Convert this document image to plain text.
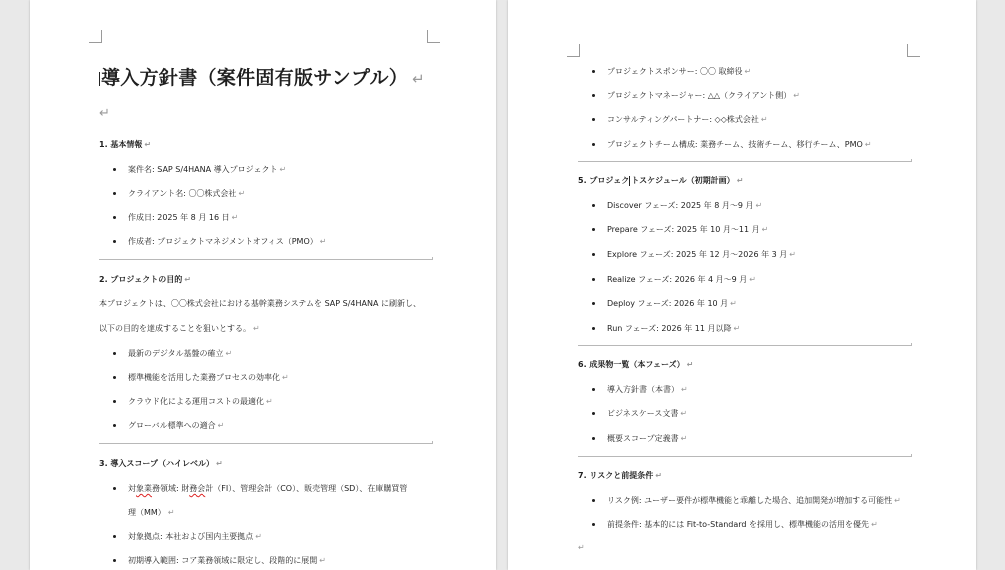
導入方針書（案件固有版サンプル） ↵
↵

1. 基本情報 ↵

案件名: SAP S/4HANA 導入プロジェクト ↵
クライアント名: 〇〇株式会社 ↵
作成日: 2025 年 8 月 16 日 ↵
作成者: プロジェクトマネジメントオフィス（PMO） ↵

2. プロジェクトの目的 ↵

本プロジェクトは、〇〇株式会社における基幹業務システムを SAP S/4HANA に刷新し、

以下の目的を達成することを狙いとする。 ↵

最新のデジタル基盤の確立 ↵
標準機能を活用した業務プロセスの効率化 ↵
クラウド化による運用コストの最適化 ↵
グローバル標準への適合 ↵

3. 導入スコープ（ハイレベル） ↵

対象業務領域: 財務会計（FI）、管理会計（CO）、販売管理（SD）、在庫購買管
理（MM） ↵
対象拠点: 本社および国内主要拠点 ↵
初期導入範囲: コア業務領域に限定し、段階的に展開 ↵
プロジェクトスポンサー: 〇〇 取締役 ↵
プロジェクトマネージャー: △△（クライアント側） ↵
コンサルティングパートナー: ◇◇株式会社 ↵
プロジェクトチーム構成: 業務チーム、技術チーム、移行チーム、PMO ↵

5. プロジェク トスケジュール（初期計画） ↵

Discover フェーズ: 2025 年 8 月～9 月 ↵
Prepare フェーズ: 2025 年 10 月～11 月 ↵
Explore フェーズ: 2025 年 12 月～2026 年 3 月 ↵
Realize フェーズ: 2026 年 4 月～9 月 ↵
Deploy フェーズ: 2026 年 10 月 ↵
Run フェーズ: 2026 年 11 月以降 ↵

6. 成果物一覧（本フェーズ） ↵

導入方針書（本書） ↵
ビジネスケース文書 ↵
概要スコープ定義書 ↵

7. リスクと前提条件 ↵

リスク例: ユーザー要件が標準機能と乖離した場合、追加開発が増加する可能性 ↵
前提条件: 基本的には Fit-to-Standard を採用し、標準機能の活用を優先 ↵
↵
